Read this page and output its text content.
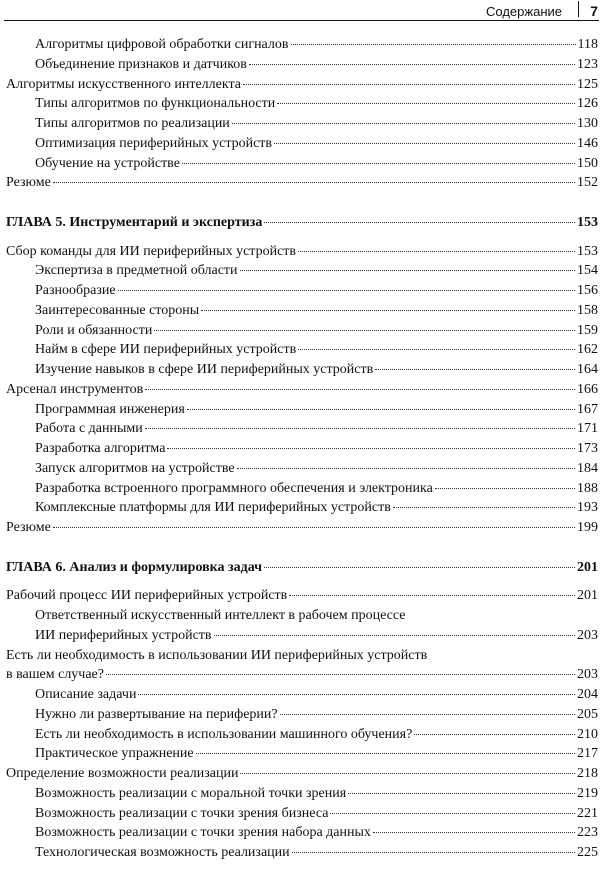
Содержание 7
Алгоритмы цифровой обработки сигналов	118
Объединение признаков и датчиков	123
Алгоритмы искусственного интеллекта	125
Типы алгоритмов по функциональности	126
Типы алгоритмов по реализации	130
Оптимизация периферийных устройств	146
Обучение на устройстве	150
Резюме	152
ГЛАВА 5. Инструментарий и экспертиза	153
Сбор команды для ИИ периферийных устройств	153
Экспертиза в предметной области	154
Разнообразие	156
Заинтересованные стороны	158
Роли и обязанности	159
Найм в сфере ИИ периферийных устройств	162
Изучение навыков в сфере ИИ периферийных устройств	164
Арсенал инструментов	166
Программная инженерия	167
Работа с данными	171
Разработка алгоритма	173
Запуск алгоритмов на устройстве	184
Разработка встроенного программного обеспечения и электроника	188
Комплексные платформы для ИИ периферийных устройств	193
Резюме	199
ГЛАВА 6. Анализ и формулировка задач	201
Рабочий процесс ИИ периферийных устройств	201
Ответственный искусственный интеллект в рабочем процессе
ИИ периферийных устройств	203
Есть ли необходимость в использовании ИИ периферийных устройств
в вашем случае?	203
Описание задачи	204
Нужно ли развертывание на периферии?	205
Есть ли необходимость в использовании машинного обучения?	210
Практическое упражнение	217
Определение возможности реализации	218
Возможность реализации с моральной точки зрения	219
Возможность реализации с точки зрения бизнеса	221
Возможность реализации с точки зрения набора данных	223
Технологическая возможность реализации	225
